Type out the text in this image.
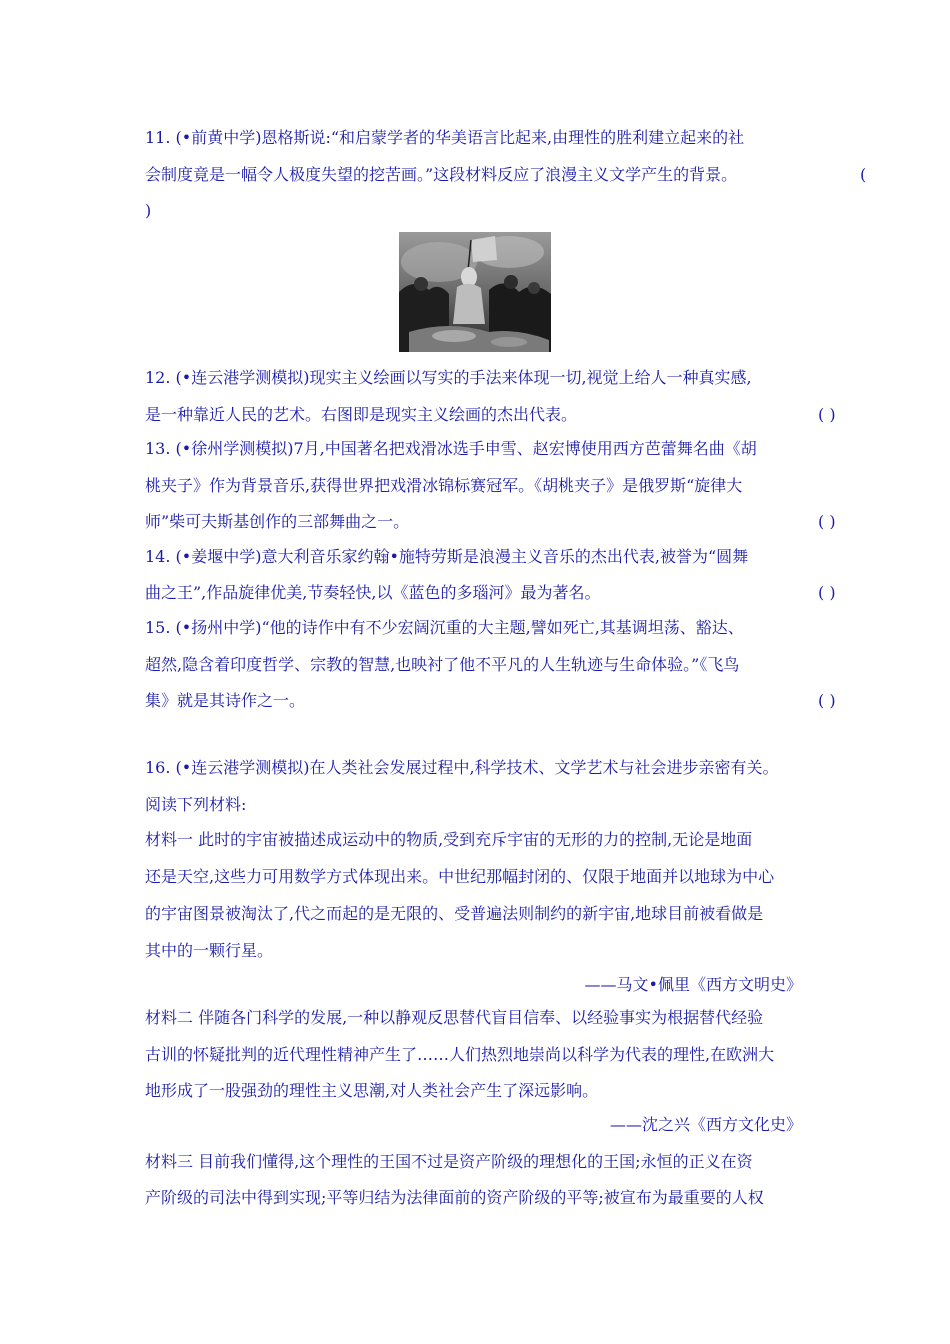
11. (•前黄中学)恩格斯说:“和启蒙学者的华美语言比起来,由理性的胜利建立起来的社
会制度竟是一幅令人极度失望的挖苦画。”这段材料反应了浪漫主义文学产生的背景。	(
)
12. (•连云港学测模拟)现实主义绘画以写实的手法来体现一切,视觉上给人一种真实感,
是一种靠近人民的艺术。右图即是现实主义绘画的杰出代表。	( )
13. (•徐州学测模拟)7月,中国著名把戏滑冰选手申雪、赵宏博使用西方芭蕾舞名曲《胡
桃夹子》作为背景音乐,获得世界把戏滑冰锦标赛冠军。《胡桃夹子》是俄罗斯“旋律大
师”柴可夫斯基创作的三部舞曲之一。	( )
14. (•姜堰中学)意大利音乐家约翰•施特劳斯是浪漫主义音乐的杰出代表,被誉为“圆舞
曲之王”,作品旋律优美,节奏轻快,以《蓝色的多瑙河》最为著名。	( )
15. (•扬州中学)“他的诗作中有不少宏阔沉重的大主题,譬如死亡,其基调坦荡、豁达、
超然,隐含着印度哲学、宗教的智慧,也映衬了他不平凡的人生轨迹与生命体验。”《飞鸟
集》就是其诗作之一。	( )
16. (•连云港学测模拟)在人类社会发展过程中,科学技术、文学艺术与社会进步亲密有关。
阅读下列材料:
材料一 此时的宇宙被描述成运动中的物质,受到充斥宇宙的无形的力的控制,无论是地面
还是天空,这些力可用数学方式体现出来。中世纪那幅封闭的、仅限于地面并以地球为中心
的宇宙图景被淘汰了,代之而起的是无限的、受普遍法则制约的新宇宙,地球目前被看做是
其中的一颗行星。
——马文•佩里《西方文明史》
材料二 伴随各门科学的发展,一种以静观反思替代盲目信奉、以经验事实为根据替代经验
古训的怀疑批判的近代理性精神产生了……人们热烈地崇尚以科学为代表的理性,在欧洲大
地形成了一股强劲的理性主义思潮,对人类社会产生了深远影响。
——沈之兴《西方文化史》
材料三 目前我们懂得,这个理性的王国不过是资产阶级的理想化的王国;永恒的正义在资
产阶级的司法中得到实现;平等归结为法律面前的资产阶级的平等;被宣布为最重要的人权
